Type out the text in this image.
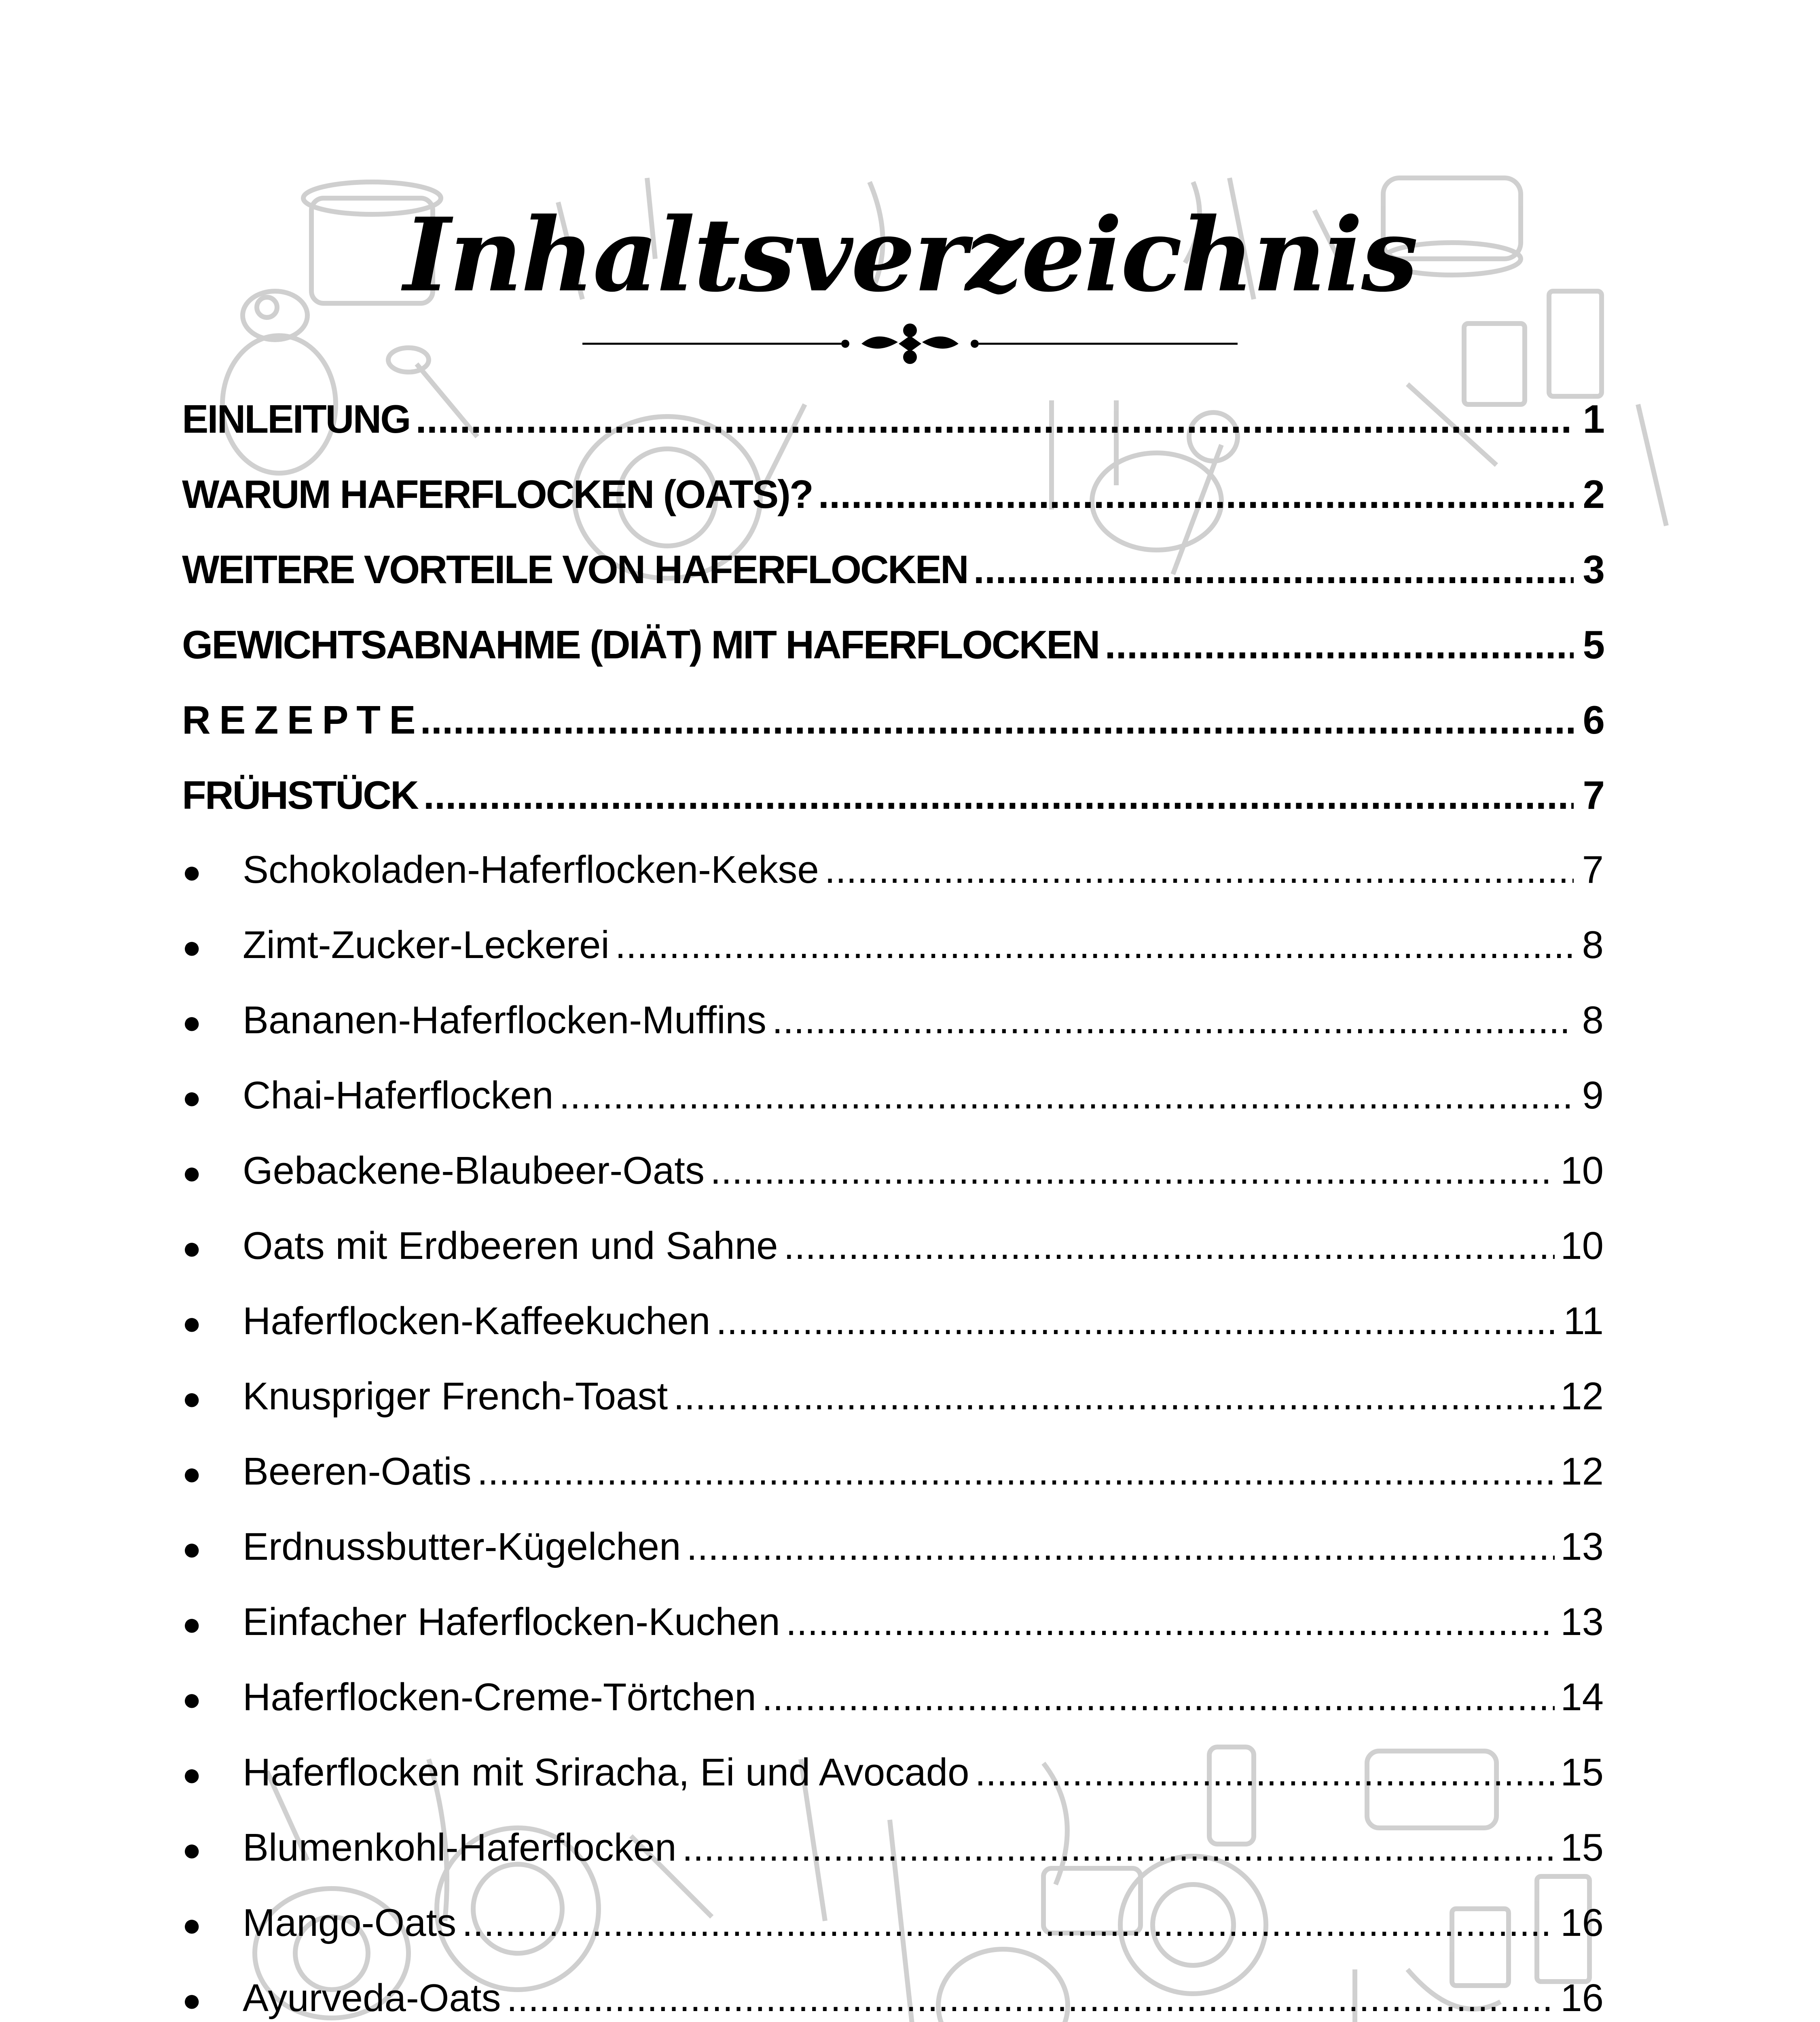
Inhaltsverzeichnis
EINLEITUNG .....	1
WARUM HAFERFLOCKEN (OATS)? .....	2
WEITERE VORTEILE VON HAFERFLOCKEN .....	3
GEWICHTSABNAHME (DIÄT) MIT HAFERFLOCKEN .....	5
R E Z E P T E .....	6
FRÜHSTÜCK .....	7
●	Schokoladen-Haferflocken-Kekse .....	7
●	Zimt-Zucker-Leckerei .....	8
●	Bananen-Haferflocken-Muffins .....	8
●	Chai-Haferflocken .....	9
●	Gebackene-Blaubeer-Oats .....	10
●	Oats mit Erdbeeren und Sahne .....	10
●	Haferflocken-Kaffeekuchen .....	11
●	Knuspriger French-Toast .....	12
●	Beeren-Oatis .....	12
●	Erdnussbutter-Kügelchen .....	13
●	Einfacher Haferflocken-Kuchen .....	13
●	Haferflocken-Creme-Törtchen .....	14
●	Haferflocken mit Sriracha, Ei und Avocado .....	15
●	Blumenkohl-Haferflocken .....	15
●	Mango-Oats .....	16
●	Ayurveda-Oats .....	16
